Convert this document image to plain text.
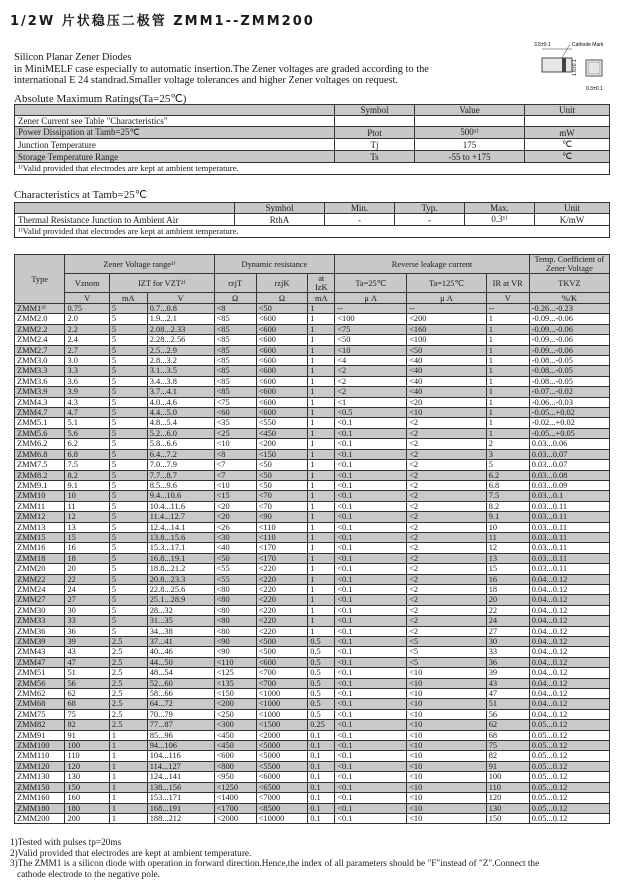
1/2W 片状稳压二极管 ZMM1--ZMM200
Silicon Planar Zener Diodes
in MiniMELF case especially to automatic insertion.The Zener voltages are graded according to the
international E 24 standrad.Smaller voltage tolerances and higher Zener voltages on request.
3.5±0.1	Cathode Mark
1.6±0.1
0.3±0.1
Absolute Maximum Ratings(Ta=25℃)
	Symbol	Value	Unit
Zener Current see Table "Characteristics"			
Power Dissipation at Tamb=25℃	Ptot	500¹⁾	mW
Junction Temperature	Tj	175	℃
Storage Temperature Range	Ts	-55 to +175	℃
¹⁾Valid provided that electrodes are kept at ambient temperature.			
Characteristics at Tamb=25℃
	Symbol	Min.	Typ.	Max.	Unit
Thermal Resistance Junction to Ambient Air	RthA	-	-	0.3¹⁾	K/mW
¹⁾Valid provided that electrodes are kept at ambient temperature.					
Type	Zener Voltage range¹⁾			Dynamic resistance			Reverse leakage current			Temp. Coefficient of Zener Voltage
	Vznom	IZT for VZT²⁾		rzjT	rzjK	at IzK	Ta=25℃	Ta=125℃	IR at VR	TKVZ
	V	mA	V	Ω	Ω	mA	μ A	μ A	V	%/K
ZMM1³⁾	0.75	5	0.7...0.8	<8	<50	1	--	--	--	-0.26...-0.23
ZMM2.0	2.0	5	1.9...2.1	<85	<600	1	<100	<200	1	-0.09...-0.06
ZMM2.2	2.2	5	2.08...2.33	<85	<600	1	<75	<160	1	-0.09...-0.06
ZMM2.4	2.4	5	2.28...2.56	<85	<600	1	<50	<100	1	-0.09...-0.06
ZMM2.7	2.7	5	2.5...2.9	<85	<600	1	<10	<50	1	-0.09...-0.06
ZMM3.0	3.0	5	2.8...3.2	<85	<600	1	<4	<40	1	-0.08...-0.05
ZMM3.3	3.3	5	3.1...3.5	<85	<600	1	<2	<40	1	-0.08...-0.05
ZMM3.6	3.6	5	3.4...3.8	<85	<600	1	<2	<40	1	-0.08...-0.05
ZMM3.9	3.9	5	3.7...4.1	<85	<600	1	<2	<40	1	-0.07...-0.02
ZMM4.3	4.3	5	4.0...4.6	<75	<600	1	<1	<20	1	-0.06...-0.03
ZMM4.7	4.7	5	4.4...5.0	<60	<600	1	<0.5	<10	1	-0.05...+0.02
ZMM5.1	5.1	5	4.8...5.4	<35	<550	1	<0.1	<2	1	-0.02...+0.02
ZMM5.6	5.6	5	5.2...6.0	<25	<450	1	<0.1	<2	1	-0.05...+0.05
ZMM6.2	6.2	5	5.8...6.6	<10	<200	1	<0.1	<2	2	0.03...0.06
ZMM6.8	6.8	5	6.4...7.2	<8	<150	1	<0.1	<2	3	0.03...0.07
ZMM7.5	7.5	5	7.0...7.9	<7	<50	1	<0.1	<2	5	0.03...0.07
ZMM8.2	8.2	5	7.7...8.7	<7	<50	1	<0.1	<2	6.2	0.03...0.08
ZMM9.1	9.1	5	8.5...9.6	<10	<50	1	<0.1	<2	6.8	0.03...0.09
ZMM10	10	5	9.4...10.6	<15	<70	1	<0.1	<2	7.5	0.03...0.1
ZMM11	11	5	10.4...11.6	<20	<70	1	<0.1	<2	8.2	0.03...0.11
ZMM12	12	5	11.4...12.7	<20	<90	1	<0.1	<2	9.1	0.03...0.11
ZMM13	13	5	12.4...14.1	<26	<110	1	<0.1	<2	10	0.03...0.11
ZMM15	15	5	13.8...15.6	<30	<110	1	<0.1	<2	11	0.03...0.11
ZMM16	16	5	15.3...17.1	<40	<170	1	<0.1	<2	12	0.03...0.11
ZMM18	18	5	16.8...19.1	<50	<170	1	<0.1	<2	13	0.03...0.11
ZMM20	20	5	18.8...21.2	<55	<220	1	<0.1	<2	15	0.03...0.11
ZMM22	22	5	20.8...23.3	<55	<220	1	<0.1	<2	16	0.04...0.12
ZMM24	24	5	22.8...25.6	<80	<220	1	<0.1	<2	18	0.04...0.12
ZMM27	27	5	25.1...28.9	<80	<220	1	<0.1	<2	20	0.04...0.12
ZMM30	30	5	28...32	<80	<220	1	<0.1	<2	22	0.04...0.12
ZMM33	33	5	31...35	<80	<220	1	<0.1	<2	24	0.04...0.12
ZMM36	36	5	34...38	<80	<220	1	<0.1	<2	27	0.04...0.12
ZMM39	39	2.5	37...41	<90	<500	0.5	<0.1	<5	30	0.04...0.12
ZMM43	43	2.5	40...46	<90	<500	0.5	<0.1	<5	33	0.04...0.12
ZMM47	47	2.5	44...50	<110	<600	0.5	<0.1	<5	36	0.04...0.12
ZMM51	51	2.5	48...54	<125	<700	0.5	<0.1	<10	39	0.04...0.12
ZMM56	56	2.5	52...60	<135	<700	0.5	<0.1	<10	43	0.04...0.12
ZMM62	62	2.5	58...66	<150	<1000	0.5	<0.1	<10	47	0.04...0.12
ZMM68	68	2.5	64...72	<200	<1000	0.5	<0.1	<10	51	0.04...0.12
ZMM75	75	2.5	70...79	<250	<1000	0.5	<0.1	<10	56	0.04...0.12
ZMM82	82	2.5	77...87	<300	<1500	0.25	<0.1	<10	62	0.05...0.12
ZMM91	91	1	85...96	<450	<2000	0.1	<0.1	<10	68	0.05...0.12
ZMM100	100	1	94...106	<450	<5000	0.1	<0.1	<10	75	0.05...0.12
ZMM110	110	1	104...116	<600	<5000	0.1	<0.1	<10	82	0.05...0.12
ZMM120	120	1	114...127	<800	<5500	0.1	<0.1	<10	91	0.05...0.12
ZMM130	130	1	124...141	<950	<6000	0.1	<0.1	<10	100	0.05...0.12
ZMM150	150	1	138...156	<1250	<6500	0.1	<0.1	<10	110	0.05...0.12
ZMM160	160	1	153...171	<1400	<7000	0.1	<0.1	<10	120	0.05...0.12
ZMM180	180	1	168...191	<1700	<8500	0.1	<0.1	<10	130	0.05...0.12
ZMM200	200	1	188...212	<2000	<10000	0.1	<0.1	<10	150	0.05...0.12
1)Tested with pulses tp=20ms
2)Valid provided that electrodes are kept at ambient temperature.
3)The ZMM1 is a silicon diode with operation in forward direction.Hence,the index of all parameters should be "F"instead of "Z".Connect the
cathode electrode to the negative pole.
